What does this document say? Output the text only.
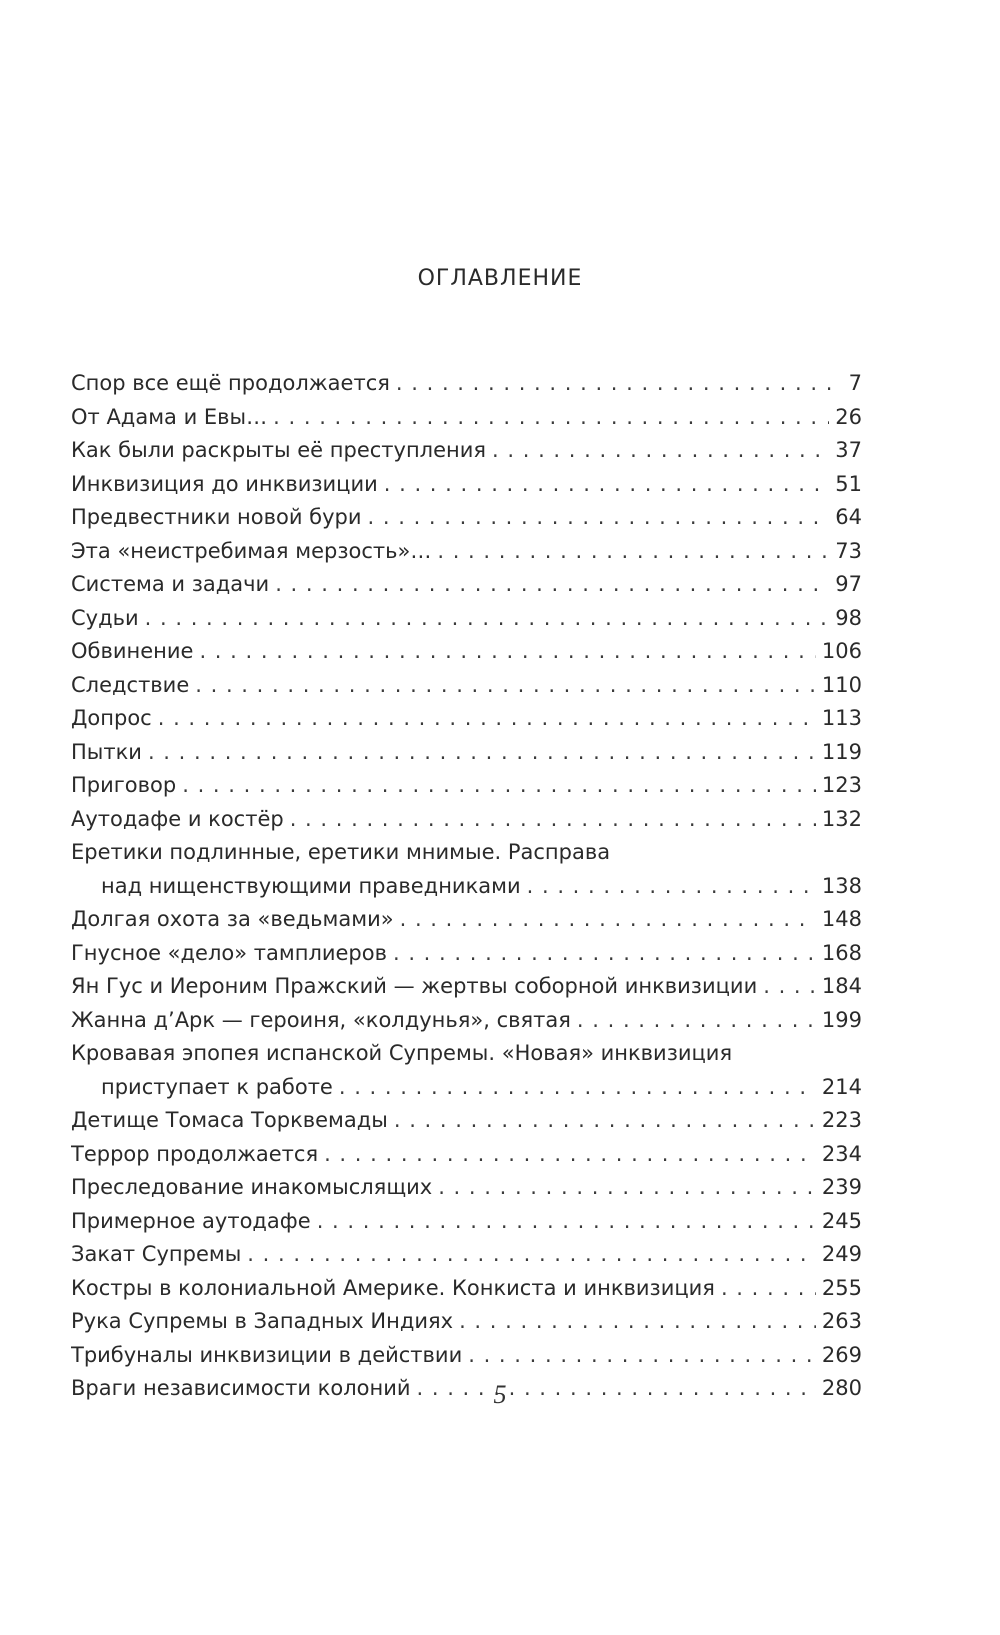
ОГЛАВЛЕНИЕ
Спор все ещё продолжается . . .	7
От Адама и Евы… . . .	26
Как были раскрыты её преступления . . .	37
Инквизиция до инквизиции . . .	51
Предвестники новой бури . . .	64
Эта «неистребимая мерзость»… . . .	73
Система и задачи . . .	97
Судьи . . .	98
Обвинение . . .	106
Следствие . . .	110
Допрос . . .	113
Пытки . . .	119
Приговор . . .	123
Аутодафе и костёр . . .	132
Еретики подлинные, еретики мнимые. Расправа
над нищенствующими праведниками . . .	138
Долгая охота за «ведьмами» . . .	148
Гнусное «дело» тамплиеров . . .	168
Ян Гус и Иероним Пражский — жертвы соборной инквизиции . . .	184
Жанна д’Арк — героиня, «колдунья», святая . . .	199
Кровавая эпопея испанской Супремы. «Новая» инквизиция
приступает к работе . . .	214
Детище Томаса Торквемады . . .	223
Террор продолжается . . .	234
Преследование инакомыслящих . . .	239
Примерное аутодафе . . .	245
Закат Супремы . . .	249
Костры в колониальной Америке. Конкиста и инквизиция . . .	255
Рука Супремы в Западных Индиях . . .	263
Трибуналы инквизиции в действии . . .	269
Враги независимости колоний . . .	280
5
